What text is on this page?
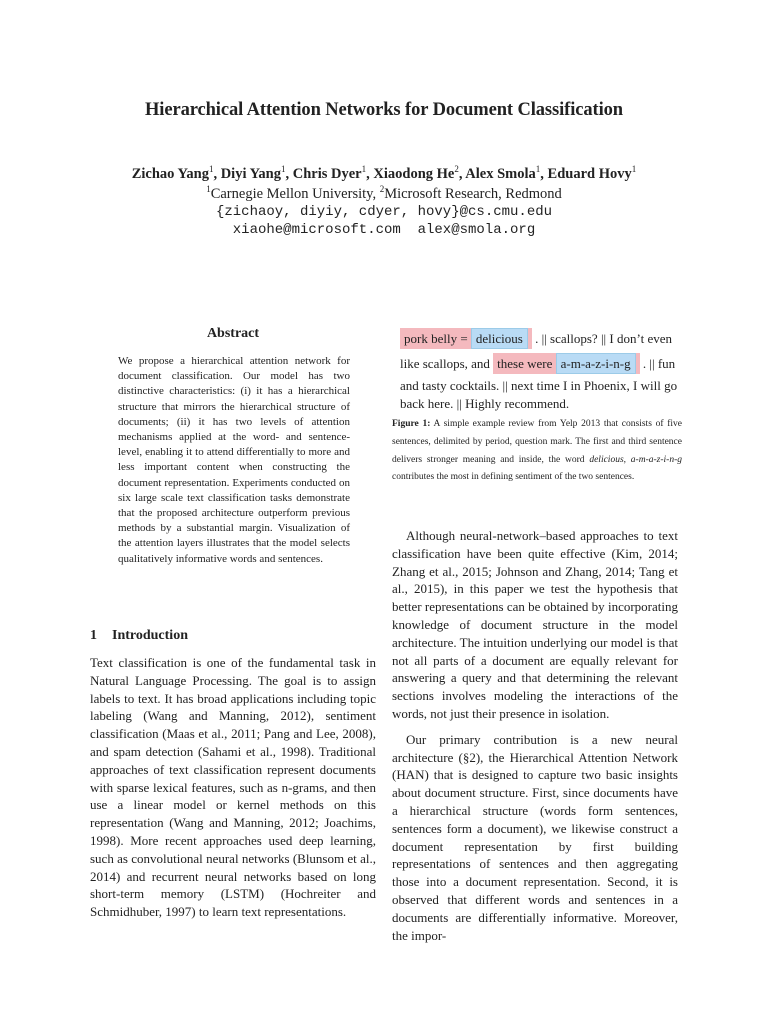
Hierarchical Attention Networks for Document Classification
Zichao Yang$^1$, Diyi Yang$^1$, Chris Dyer$^1$, Xiaodong He$^2$, Alex Smola$^1$, Eduard Hovy$^1$
$^1$Carnegie Mellon University, $^2$Microsoft Research, Redmond
{zichaoy, diyiy, cdyer, hovy}@cs.cmu.edu
xiaohe@microsoft.com  alex@smola.org
Abstract
We propose a hierarchical attention network for document classification. Our model has two distinctive characteristics: (i) it has a hierarchical structure that mirrors the hierarchical structure of documents; (ii) it has two levels of attention mechanisms applied at the word- and sentence-level, enabling it to attend differentially to more and less important content when constructing the document representation. Experiments conducted on six large scale text classification tasks demonstrate that the proposed architecture outperform previous methods by a substantial margin. Visualization of the attention layers illustrates that the model selects qualitatively informative words and sentences.
1 Introduction
Text classification is one of the fundamental task in Natural Language Processing. The goal is to assign labels to text. It has broad applications including topic labeling (Wang and Manning, 2012), sentiment classification (Maas et al., 2011; Pang and Lee, 2008), and spam detection (Sahami et al., 1998). Traditional approaches of text classification represent documents with sparse lexical features, such as n-grams, and then use a linear model or kernel methods on this representation (Wang and Manning, 2012; Joachims, 1998). More recent approaches used deep learning, such as convolutional neural networks (Blunsom et al., 2014) and recurrent neural networks based on long short-term memory (LSTM) (Hochreiter and Schmidhuber, 1997) to learn text representations.

pork belly = delicious . || scallops? || I don’t even

like scallops, and these were a-m-a-z-i-n-g . || fun

and tasty cocktails. || next time I in Phoenix, I will go back here. || Highly recommend.
Figure 1: A simple example review from Yelp 2013 that consists of five sentences, delimited by period, question mark. The first and third sentence delivers stronger meaning and inside, the word delicious, a-m-a-z-i-n-g contributes the most in defining sentiment of the two sentences.

Although neural-network–based approaches to text classification have been quite effective (Kim, 2014; Zhang et al., 2015; Johnson and Zhang, 2014; Tang et al., 2015), in this paper we test the hypothesis that better representations can be obtained by incorporating knowledge of document structure in the model architecture. The intuition underlying our model is that not all parts of a document are equally relevant for answering a query and that determining the relevant sections involves modeling the interactions of the words, not just their presence in isolation.

Our primary contribution is a new neural architecture (§2), the Hierarchical Attention Network (HAN) that is designed to capture two basic insights about document structure. First, since documents have a hierarchical structure (words form sentences, sentences form a document), we likewise construct a document representation by first building representations of sentences and then aggregating those into a document representation. Second, it is observed that different words and sentences in a documents are differentially informative. Moreover, the impor-
